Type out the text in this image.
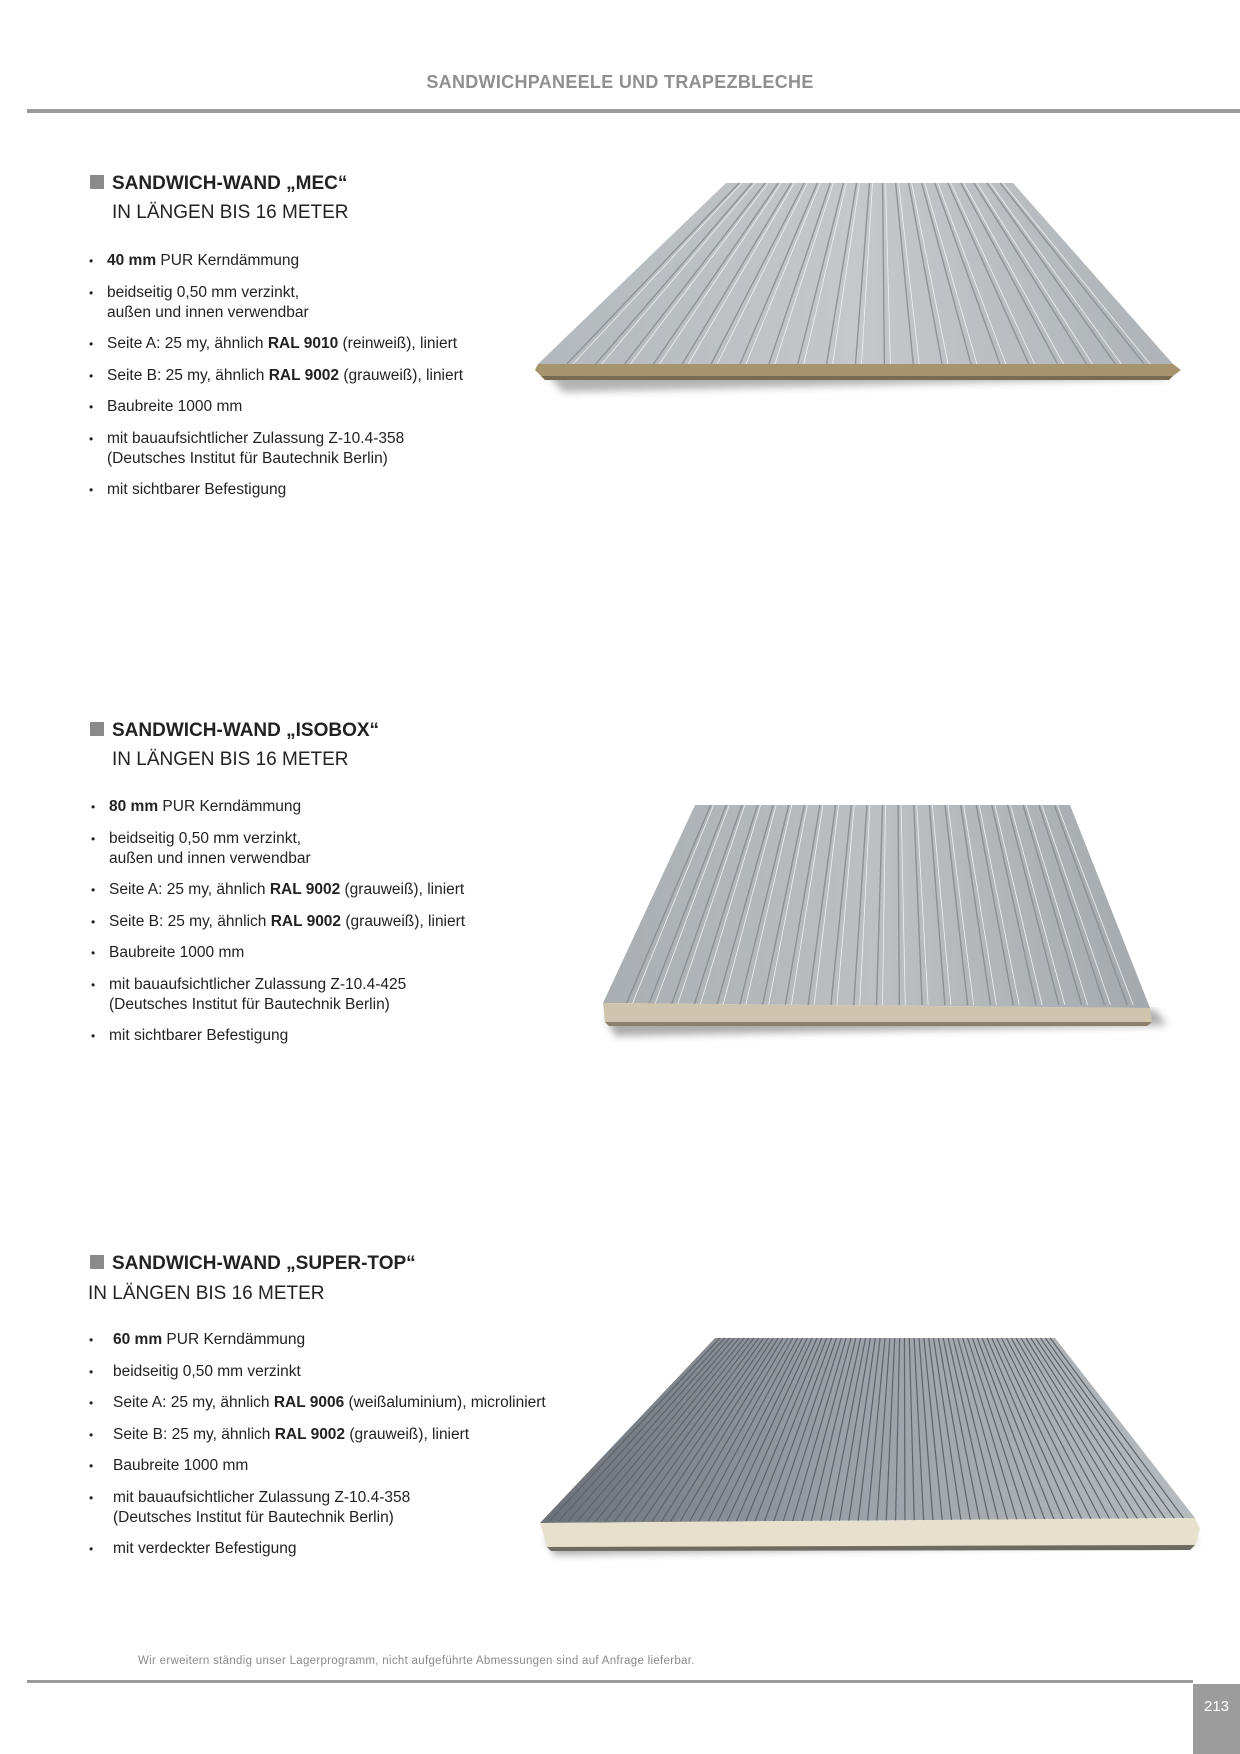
SANDWICHPANEELE UND TRAPEZBLECHE
SANDWICH-WAND „MEC“
IN LÄNGEN BIS 16 METER
• 40 mm PUR Kerndämmung
• beidseitig 0,50 mm verzinkt,
außen und innen verwendbar
• Seite A: 25 my, ähnlich RAL 9010 (reinweiß), liniert
• Seite B: 25 my, ähnlich RAL 9002 (grauweiß), liniert
• Baubreite 1000 mm
• mit bauaufsichtlicher Zulassung Z-10.4-358
(Deutsches Institut für Bautechnik Berlin)
• mit sichtbarer Befestigung
SANDWICH-WAND „ISOBOX“
IN LÄNGEN BIS 16 METER
• 80 mm PUR Kerndämmung
• beidseitig 0,50 mm verzinkt,
außen und innen verwendbar
• Seite A: 25 my, ähnlich RAL 9002 (grauweiß), liniert
• Seite B: 25 my, ähnlich RAL 9002 (grauweiß), liniert
• Baubreite 1000 mm
• mit bauaufsichtlicher Zulassung Z-10.4-425
(Deutsches Institut für Bautechnik Berlin)
• mit sichtbarer Befestigung
SANDWICH-WAND „SUPER-TOP“
IN LÄNGEN BIS 16 METER
• 60 mm PUR Kerndämmung
• beidseitig 0,50 mm verzinkt
• Seite A: 25 my, ähnlich RAL 9006 (weißaluminium), microliniert
• Seite B: 25 my, ähnlich RAL 9002 (grauweiß), liniert
• Baubreite 1000 mm
• mit bauaufsichtlicher Zulassung Z-10.4-358
(Deutsches Institut für Bautechnik Berlin)
• mit verdeckter Befestigung
Wir erweitern ständig unser Lagerprogramm, nicht aufgeführte Abmessungen sind auf Anfrage lieferbar.
213
